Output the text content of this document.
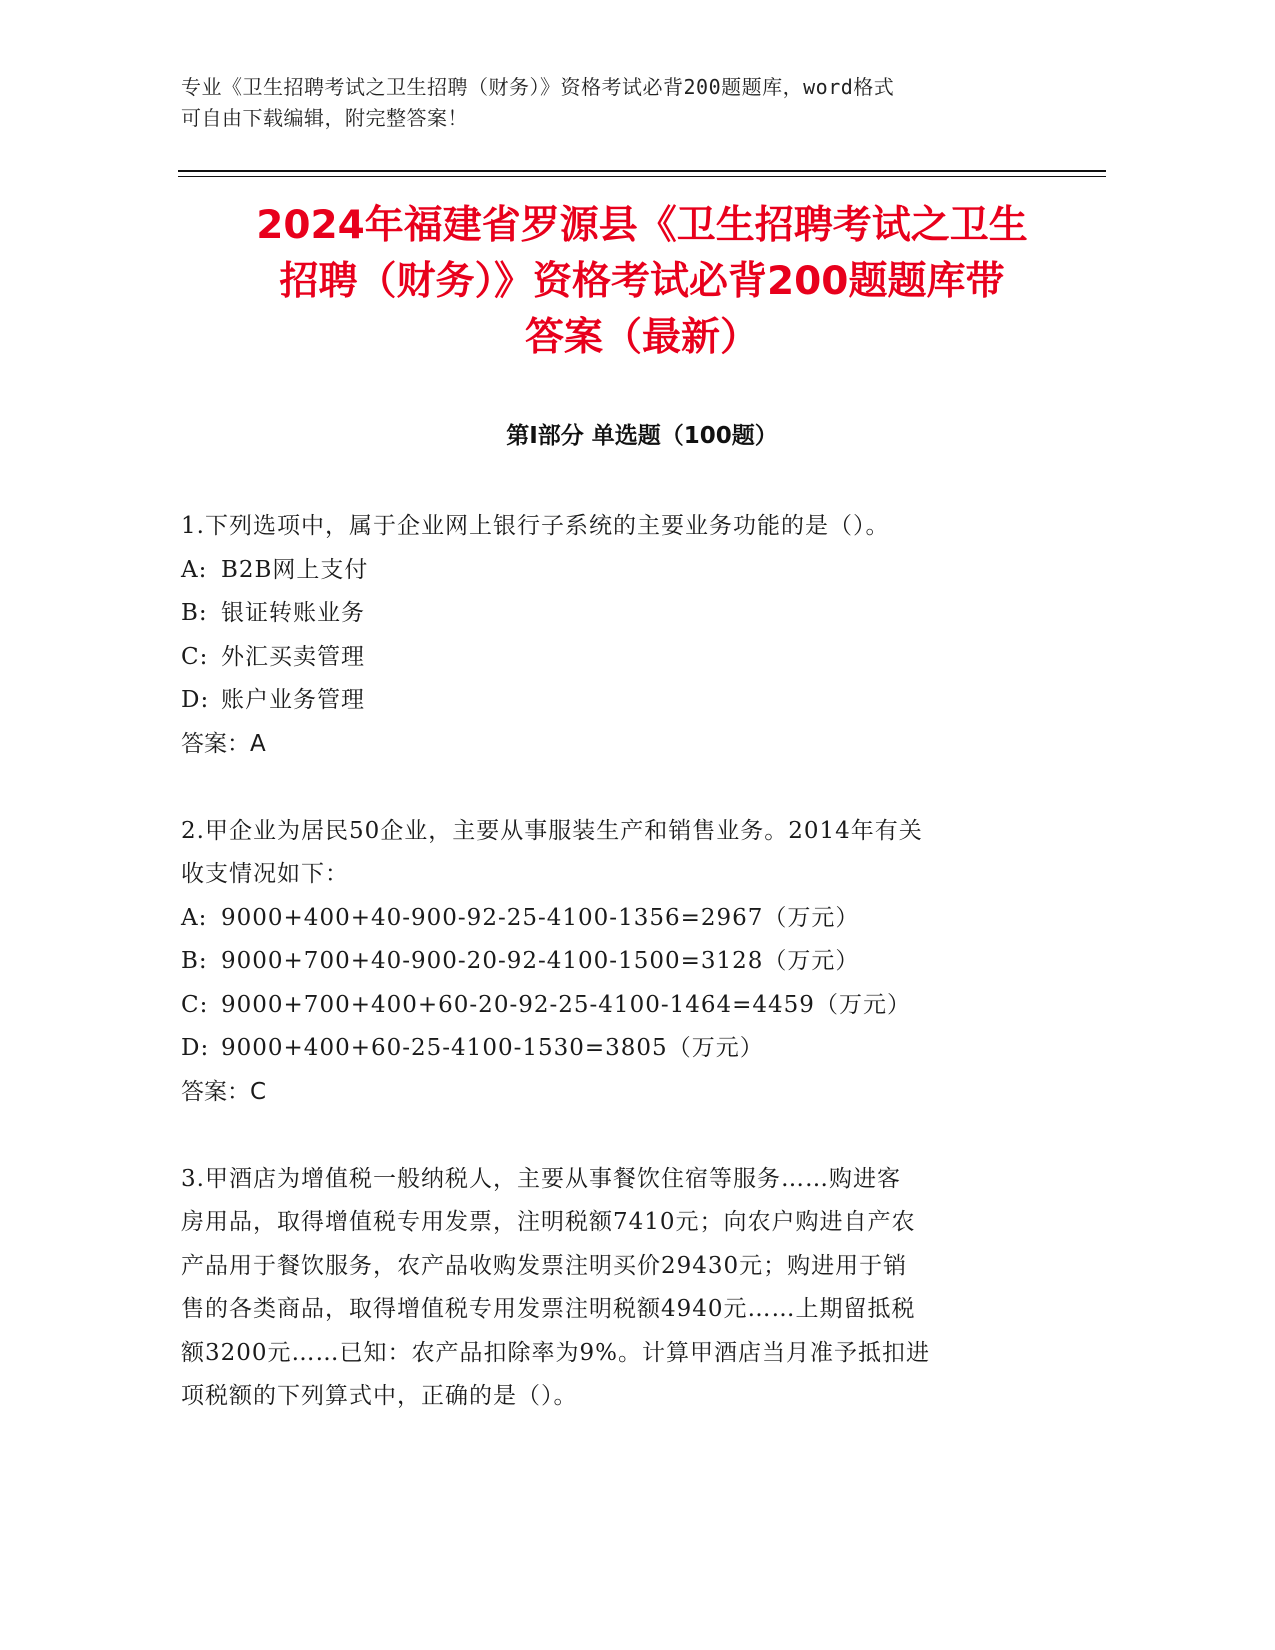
专业《卫生招聘考试之卫生招聘（财务）》资格考试必背200题题库，word格式
可自由下载编辑，附完整答案！
2024年福建省罗源县《卫生招聘考试之卫生
招聘（财务）》资格考试必背200题题库带
答案（最新）
第Ⅰ部分 单选题（100题）
1.下列选项中，属于企业网上银行子系统的主要业务功能的是（）。
A: B2B网上支付
B: 银证转账业务
C: 外汇买卖管理
D: 账户业务管理
答案：A
2.甲企业为居民50企业，主要从事服装生产和销售业务。2014年有关
收支情况如下：
A: 9000+400+40-900-92-25-4100-1356=2967（万元）
B: 9000+700+40-900-20-92-4100-1500=3128（万元）
C: 9000+700+400+60-20-92-25-4100-1464=4459（万元）
D: 9000+400+60-25-4100-1530=3805（万元）
答案：C
3.甲酒店为增值税一般纳税人，主要从事餐饮住宿等服务……购进客
房用品，取得增值税专用发票，注明税额7410元；向农户购进自产农
产品用于餐饮服务，农产品收购发票注明买价29430元；购进用于销
售的各类商品，取得增值税专用发票注明税额4940元……上期留抵税
额3200元……已知：农产品扣除率为9%。计算甲酒店当月准予抵扣进
项税额的下列算式中，正确的是（）。
